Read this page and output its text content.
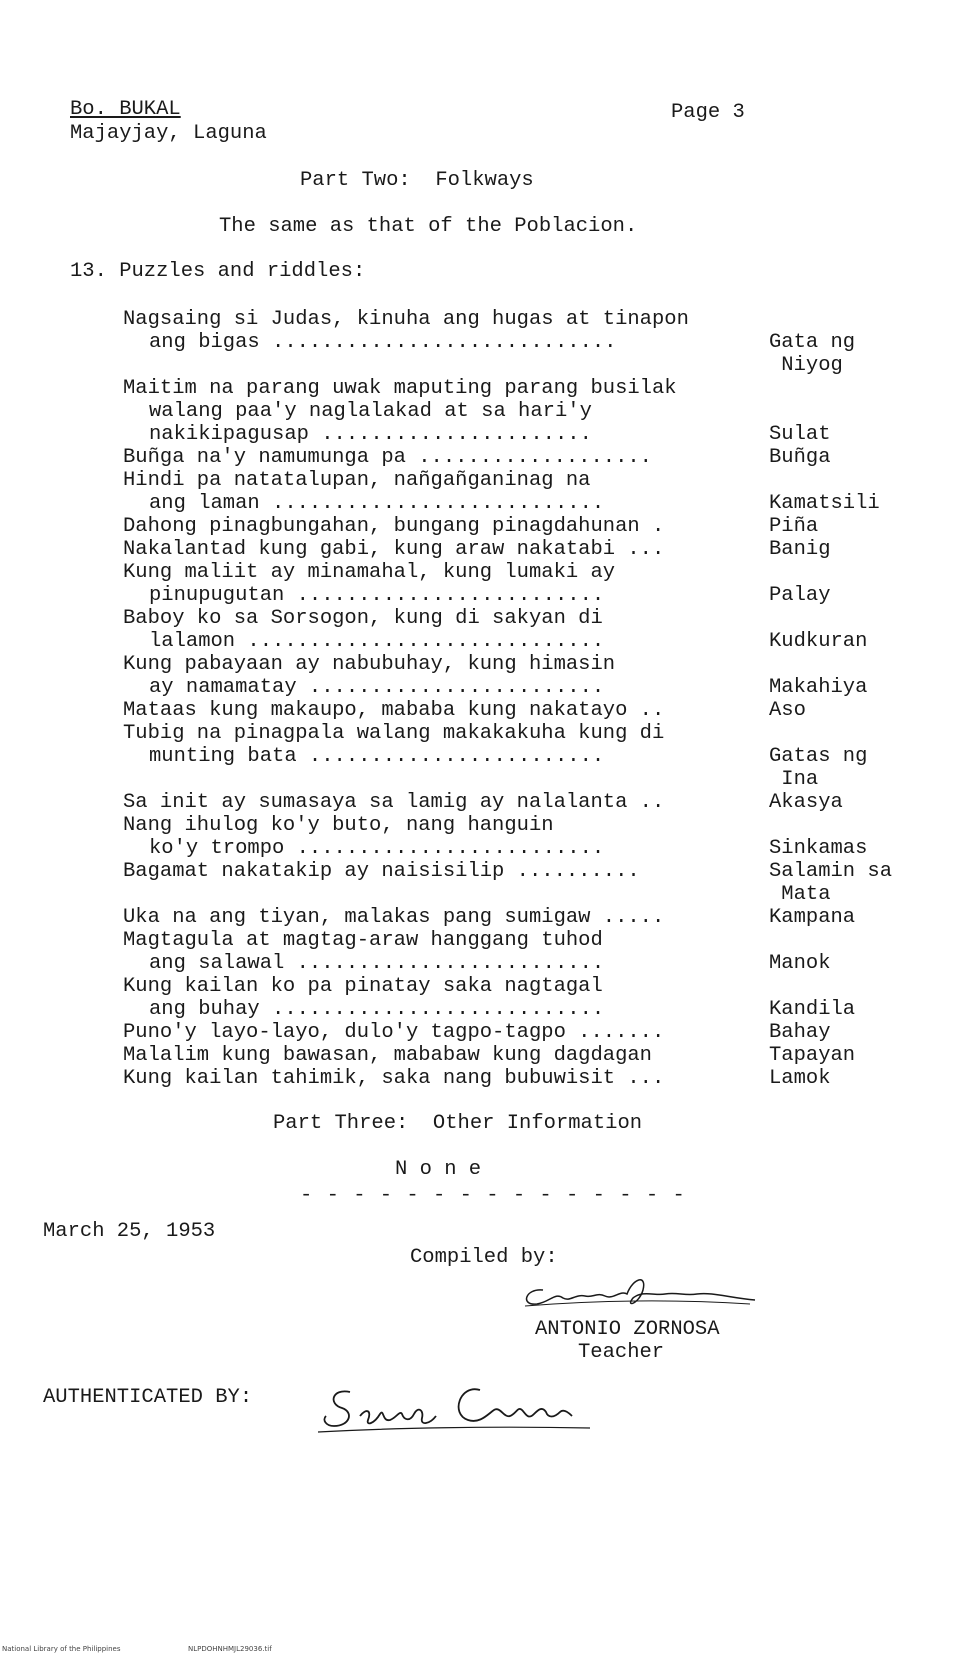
Bo. BUKAL
Majayjay, Laguna
Page 3
Part Two:  Folkways
The same as that of the Poblacion.
13. Puzzles and riddles:
Nagsaing si Judas, kinuha ang hugas at tinapon
ang bigas ............................	Gata ng
Niyog
Maitim na parang uwak maputing parang busilak
walang paa'y naglalakad at sa hari'y
nakikipagusap ......................	Sulat
Buñga na'y namumunga pa ...................	Buñga
Hindi pa natatalupan, nañgañganinag na
ang laman ...........................	Kamatsili
Dahong pinagbungahan, bungang pinagdahunan .	Piña
Nakalantad kung gabi, kung araw nakatabi ...	Banig
Kung maliit ay minamahal, kung lumaki ay
pinupugutan .........................	Palay
Baboy ko sa Sorsogon, kung di sakyan di
lalamon .............................	Kudkuran
Kung pabayaan ay nabubuhay, kung himasin
ay namamatay ........................	Makahiya
Mataas kung makaupo, mababa kung nakatayo ..	Aso
Tubig na pinagpala walang makakakuha kung di
munting bata ........................	Gatas ng
Ina
Sa init ay sumasaya sa lamig ay nalalanta ..	Akasya
Nang ihulog ko'y buto, nang hanguin
ko'y trompo .........................	Sinkamas
Bagamat nakatakip ay naisisilip ..........	Salamin sa
Mata
Uka na ang tiyan, malakas pang sumigaw .....	Kampana
Magtagula at magtag-araw hanggang tuhod
ang salawal .........................	Manok
Kung kailan ko pa pinatay saka nagtagal
ang buhay ...........................	Kandila
Puno'y layo-layo, dulo'y tagpo-tagpo .......	Bahay
Malalim kung bawasan, mababaw kung dagdagan	Tapayan
Kung kailan tahimik, saka nang bubuwisit ...	Lamok
Part Three:  Other Information
N o n e
- - - - - - - - - - - - - - -
March 25, 1953
Compiled by:
ANTONIO ZORNOSA
Teacher
AUTHENTICATED BY:
National Library of the Philippines	NLPDOHNHMJL29036.tif
